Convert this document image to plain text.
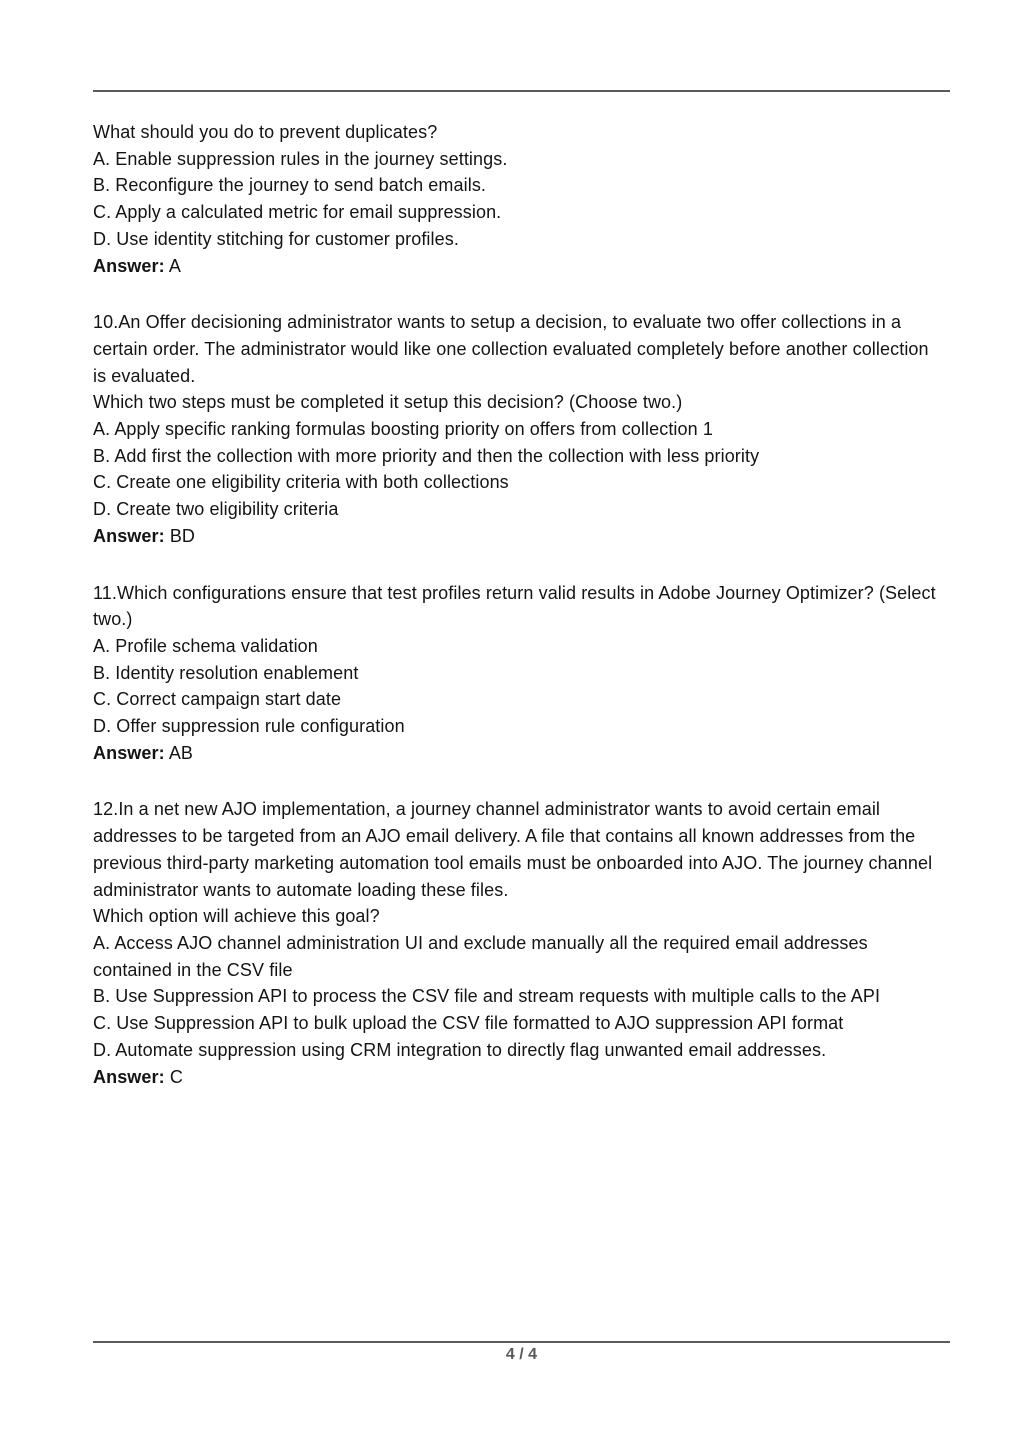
What should you do to prevent duplicates?
A. Enable suppression rules in the journey settings.
B. Reconfigure the journey to send batch emails.
C. Apply a calculated metric for email suppression.
D. Use identity stitching for customer profiles.
Answer: A
10.An Offer decisioning administrator wants to setup a decision, to evaluate two offer collections in a
certain order. The administrator would like one collection evaluated completely before another collection
is evaluated.
Which two steps must be completed it setup this decision? (Choose two.)
A. Apply specific ranking formulas boosting priority on offers from collection 1
B. Add first the collection with more priority and then the collection with less priority
C. Create one eligibility criteria with both collections
D. Create two eligibility criteria
Answer: BD
11.Which configurations ensure that test profiles return valid results in Adobe Journey Optimizer? (Select
two.)
A. Profile schema validation
B. Identity resolution enablement
C. Correct campaign start date
D. Offer suppression rule configuration
Answer: AB
12.In a net new AJO implementation, a journey channel administrator wants to avoid certain email
addresses to be targeted from an AJO email delivery. A file that contains all known addresses from the
previous third-party marketing automation tool emails must be onboarded into AJO. The journey channel
administrator wants to automate loading these files.
Which option will achieve this goal?
A. Access AJO channel administration UI and exclude manually all the required email addresses
contained in the CSV file
B. Use Suppression API to process the CSV file and stream requests with multiple calls to the API
C. Use Suppression API to bulk upload the CSV file formatted to AJO suppression API format
D. Automate suppression using CRM integration to directly flag unwanted email addresses.
Answer: C
4 / 4
